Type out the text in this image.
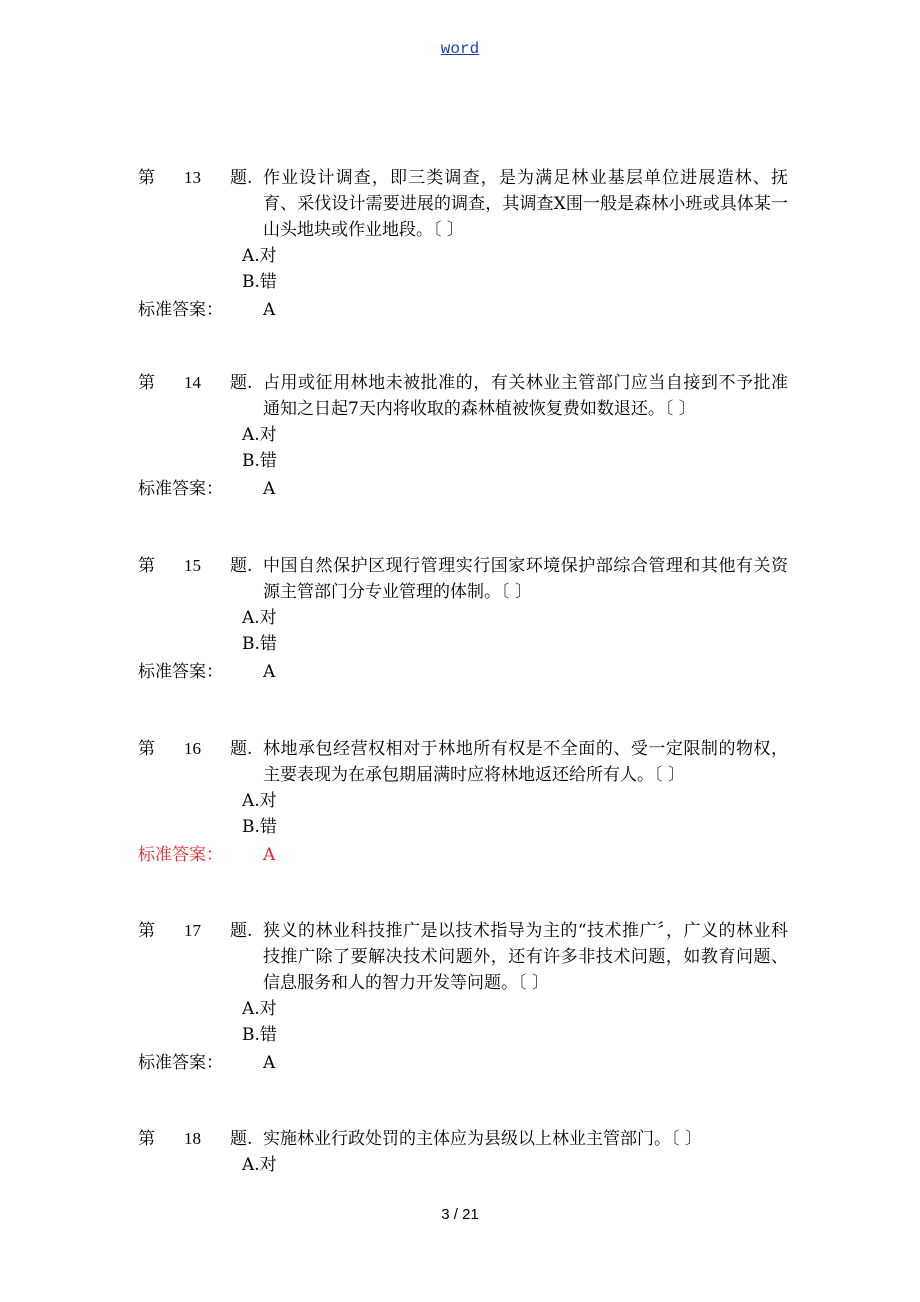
word
第 13 题. 作业设计调查，即三类调查，是为满足林业基层单位进展造林、抚育、采伐设计需要进展的调查，其调查X围一般是森林小班或具体某一山头地块或作业地段。〔 〕
A.对
B.错
标准答案： A
第 14 题. 占用或征用林地未被批准的，有关林业主管部门应当自接到不予批准通知之日起7天内将收取的森林植被恢复费如数退还。〔 〕
A.对
B.错
标准答案： A
第 15 题. 中国自然保护区现行管理实行国家环境保护部综合管理和其他有关资源主管部门分专业管理的体制。〔 〕
A.对
B.错
标准答案： A
第 16 题. 林地承包经营权相对于林地所有权是不全面的、受一定限制的物权，主要表现为在承包期届满时应将林地返还给所有人。〔 〕
A.对
B.错
标准答案： A
第 17 题. 狭义的林业科技推广是以技术指导为主的“技术推广〞，广义的林业科技推广除了要解决技术问题外，还有许多非技术问题，如教育问题、信息服务和人的智力开发等问题。〔 〕
A.对
B.错
标准答案： A
第 18 题. 实施林业行政处罚的主体应为县级以上林业主管部门。〔 〕
A.对
3 / 21
